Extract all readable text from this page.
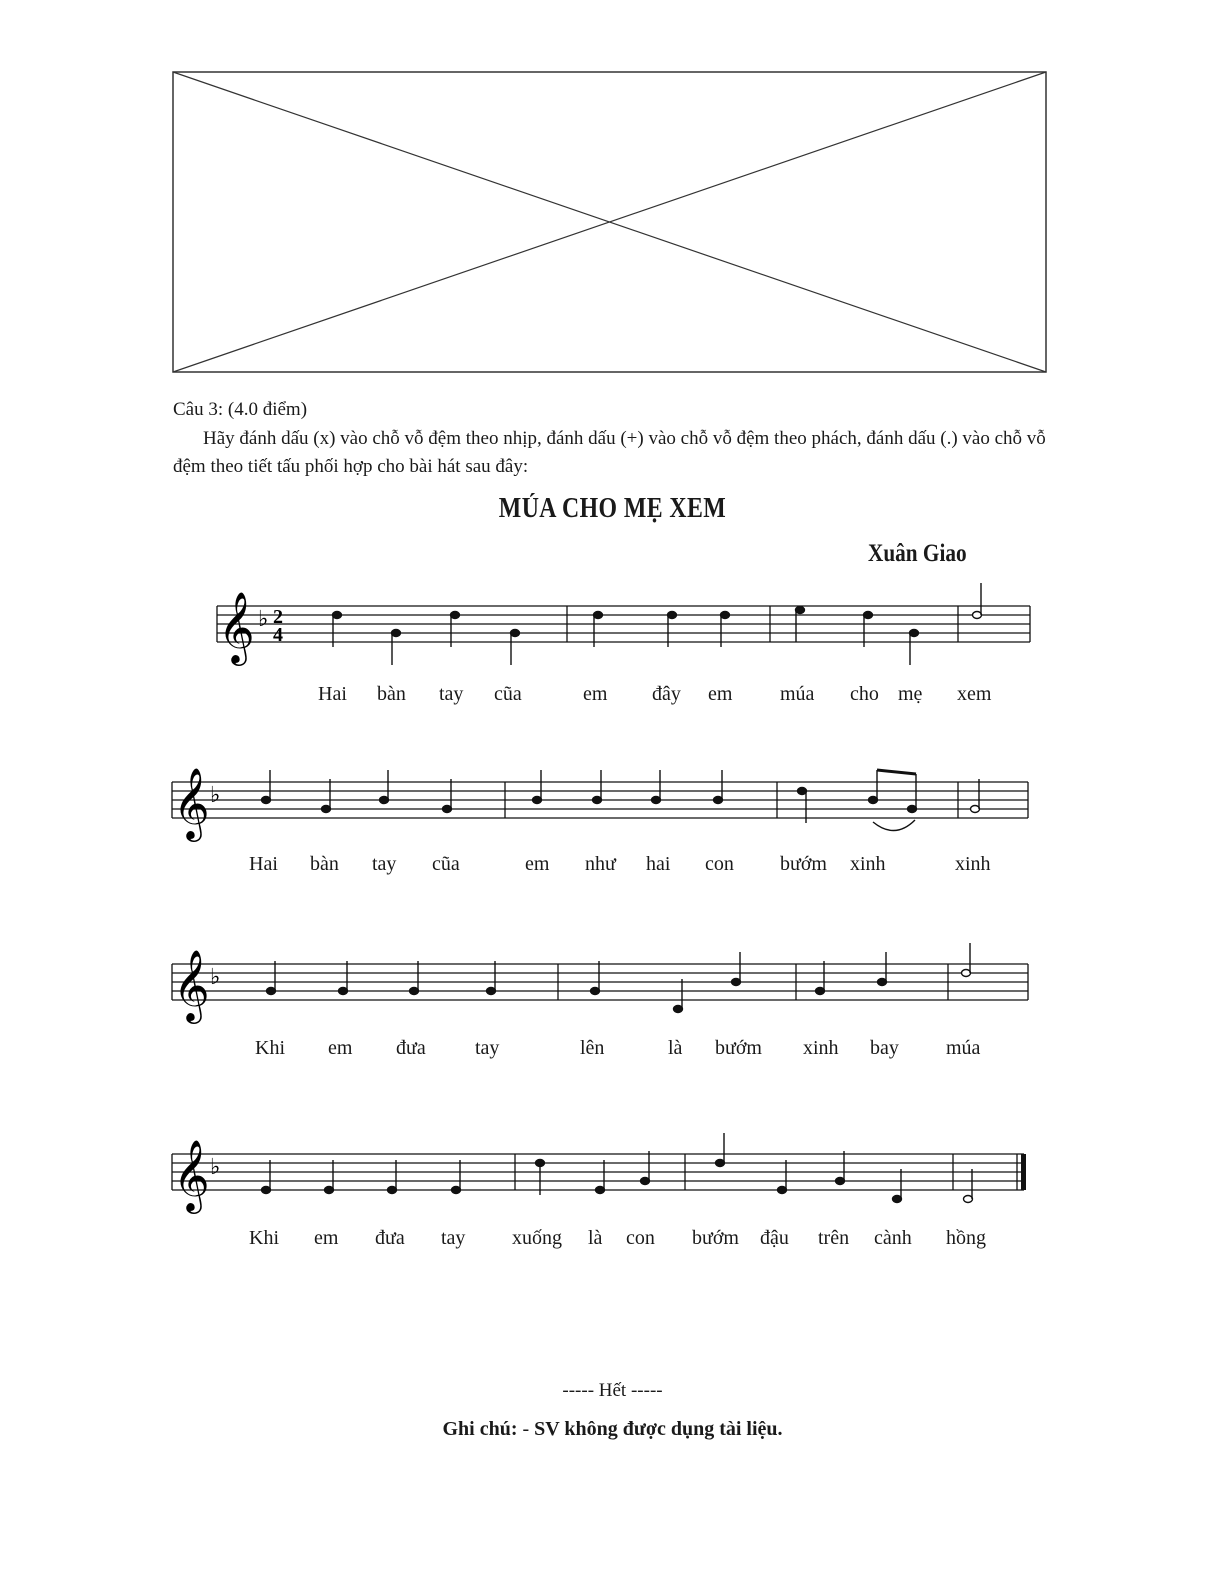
Câu 3: (4.0 điểm)
Hãy đánh dấu (x) vào chỗ vỗ đệm theo nhịp, đánh dấu (+) vào chỗ vỗ đệm theo phách, đánh dấu (.) vào chỗ vỗ đệm theo tiết tấu phối hợp cho bài hát sau đây:
MÚA CHO MẸ XEM
Xuân Giao
𝄞 ♭ 2
4
Hai bàn tay cũa	em đây em múa cho mẹ xem
𝄞 ♭
Hai bàn tay cũa	em như hai con bướm xinh	xinh
𝄞 ♭
Khi em đưa tay	lên	là bướm xinh bay múa
𝄞 ♭
Khi em đưa tay xuống là con bướm đậu trên cành hồng
----- Hết -----
Ghi chú: - SV không được dụng tài liệu.
